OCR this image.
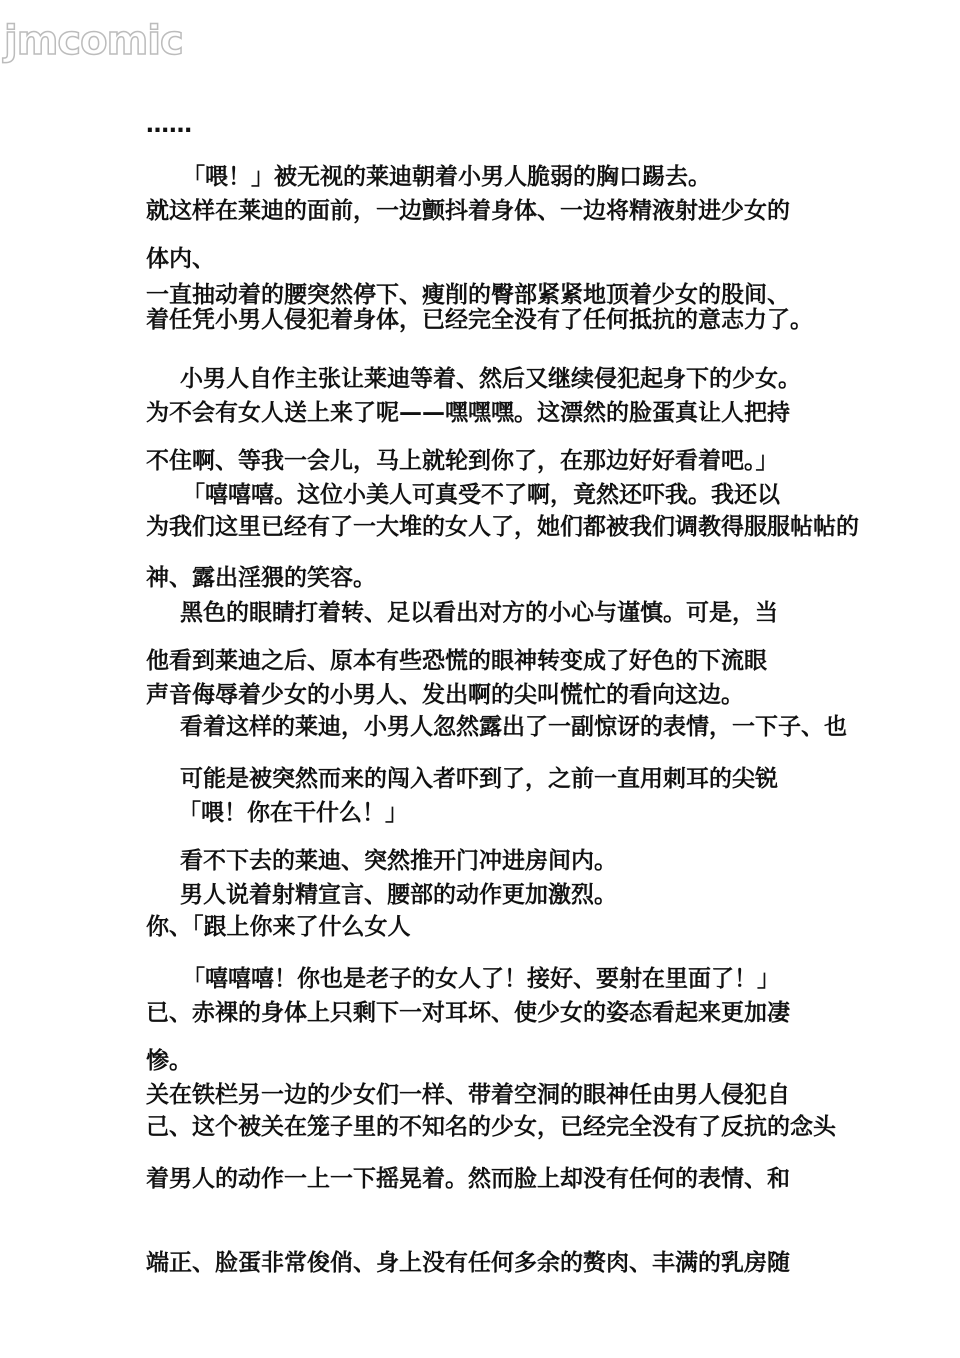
jmcomic
……
「喂！」被无视的莱迪朝着小男人脆弱的胸口踢去。
就这样在莱迪的面前，一边颤抖着身体、一边将精液射进少女的
体内、
一直抽动着的腰突然停下、瘦削的臀部紧紧地顶着少女的股间、
着任凭小男人侵犯着身体，已经完全没有了任何抵抗的意志力了。
小男人自作主张让莱迪等着、然后又继续侵犯起身下的少女。
为不会有女人送上来了呢——嘿嘿嘿。这漂然的脸蛋真让人把持
不住啊、等我一会儿，马上就轮到你了，在那边好好看着吧。」
「嘻嘻嘻。这位小美人可真受不了啊，竟然还吓我。我还以
为我们这里已经有了一大堆的女人了，她们都被我们调教得服服帖帖的
神、露出淫猥的笑容。
黑色的眼睛打着转、足以看出对方的小心与谨慎。可是，当
他看到莱迪之后、原本有些恐慌的眼神转变成了好色的下流眼
声音侮辱着少女的小男人、发出啊的尖叫慌忙的看向这边。
看着这样的莱迪，小男人忽然露出了一副惊讶的表情，一下子、也
可能是被突然而来的闯入者吓到了，之前一直用刺耳的尖锐
「喂！你在干什么！」
看不下去的莱迪、突然推开门冲进房间内。
男人说着射精宣言、腰部的动作更加激烈。
你、「跟上你来了什么女人
「嘻嘻嘻！你也是老子的女人了！接好、要射在里面了！」
已、赤裸的身体上只剩下一对耳坏、使少女的姿态看起来更加凄
惨。
关在铁栏另一边的少女们一样、带着空洞的眼神任由男人侵犯自
己、这个被关在笼子里的不知名的少女，已经完全没有了反抗的念头
着男人的动作一上一下摇晃着。然而脸上却没有任何的表情、和
端正、脸蛋非常俊俏、身上没有任何多余的赘肉、丰满的乳房随
